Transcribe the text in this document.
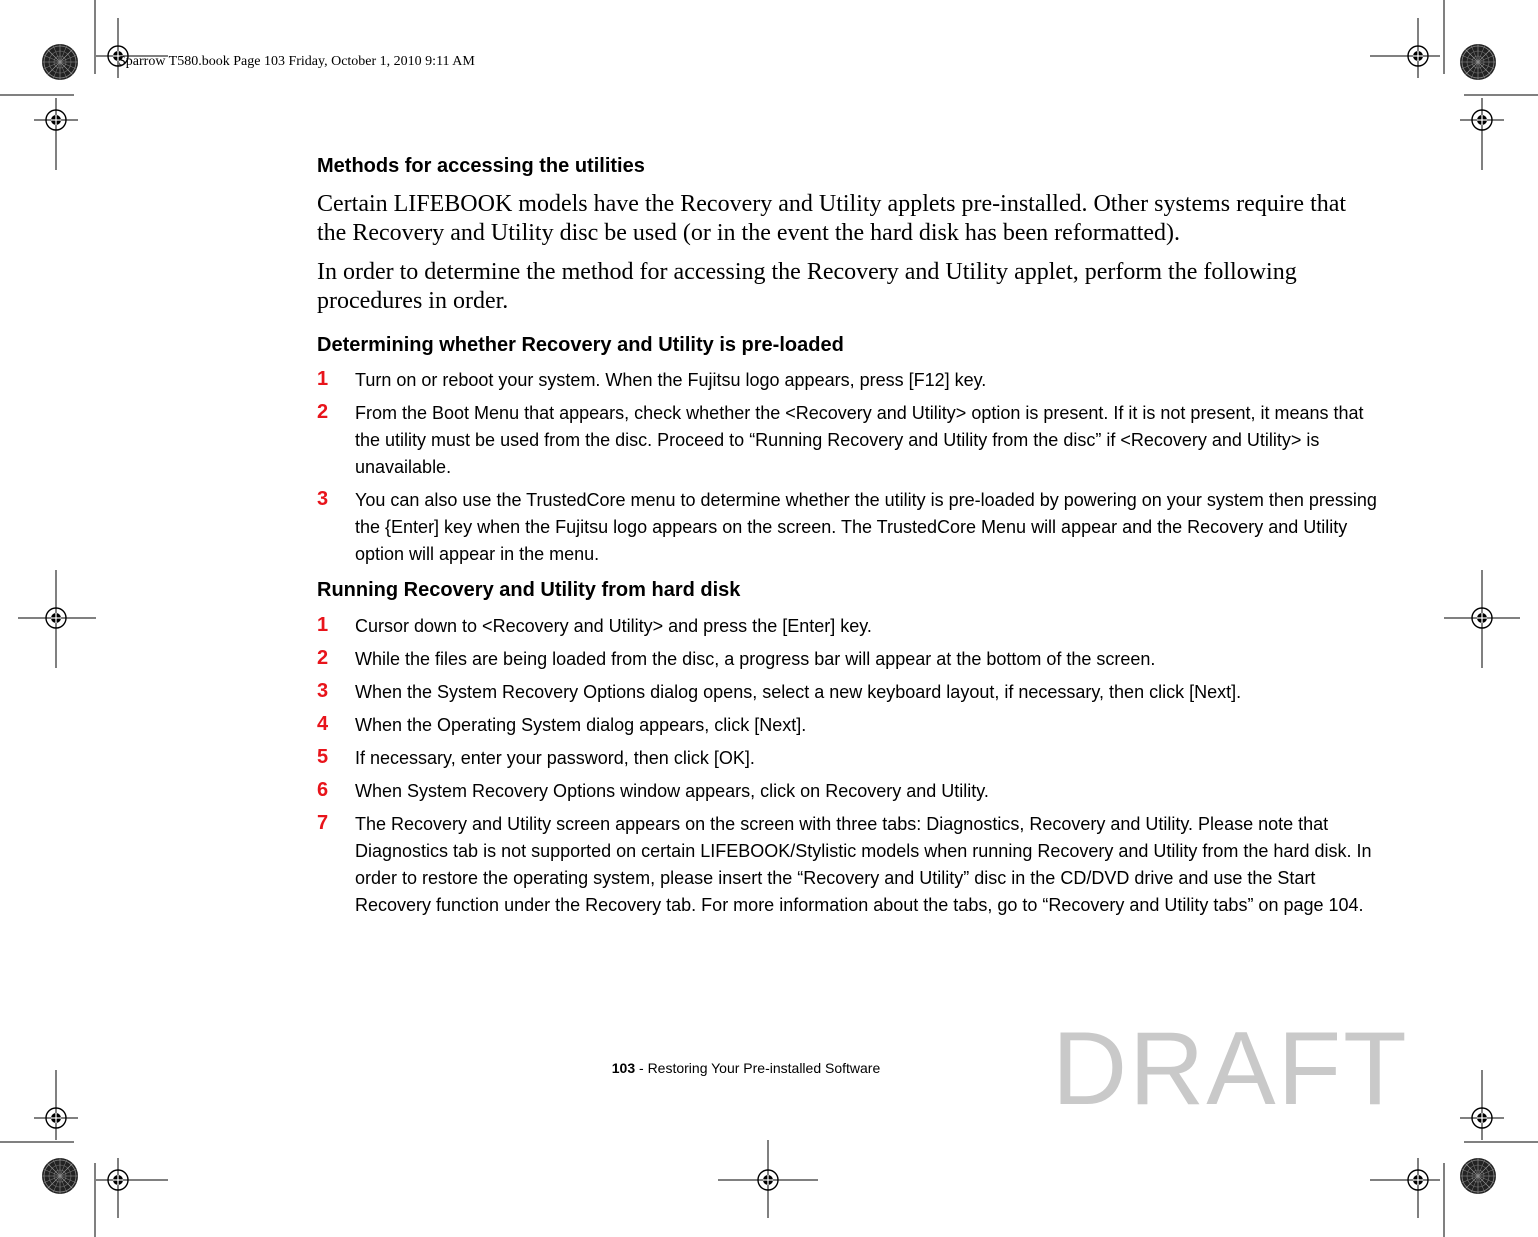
Sparrow T580.book Page 103 Friday, October 1, 2010 9:11 AM
Methods for accessing the utilities

Certain LIFEBOOK models have the Recovery and Utility applets pre-installed. Other systems require that the Recovery and Utility disc be used (or in the event the hard disk has been reformatted).

In order to determine the method for accessing the Recovery and Utility applet, perform the following procedures in order.

Determining whether Recovery and Utility is pre-loaded
1 Turn on or reboot your system. When the Fujitsu logo appears, press [F12] key.
2 From the Boot Menu that appears, check whether the <Recovery and Utility> option is present. If it is not present, it means that the utility must be used from the disc. Proceed to “Running Recovery and Utility from the disc” if <Recovery and Utility> is unavailable.
3 You can also use the TrustedCore menu to determine whether the utility is pre-loaded by powering on your system then pressing the {Enter] key when the Fujitsu logo appears on the screen. The TrustedCore Menu will appear and the Recovery and Utility option will appear in the menu.
Running Recovery and Utility from hard disk
1 Cursor down to <Recovery and Utility> and press the [Enter] key.
2 While the files are being loaded from the disc, a progress bar will appear at the bottom of the screen.
3 When the System Recovery Options dialog opens, select a new keyboard layout, if necessary, then click [Next].
4 When the Operating System dialog appears, click [Next].
5 If necessary, enter your password, then click [OK].
6 When System Recovery Options window appears, click on Recovery and Utility.
7 The Recovery and Utility screen appears on the screen with three tabs: Diagnostics, Recovery and Utility. Please note that Diagnostics tab is not supported on certain LIFEBOOK/Stylistic models when running Recovery and Utility from the hard disk. In order to restore the operating system, please insert the “Recovery and Utility” disc in the CD/DVD drive and use the Start Recovery function under the Recovery tab. For more information about the tabs, go to “Recovery and Utility tabs” on page 104.
103 - Restoring Your Pre-installed Software	DRAFT
